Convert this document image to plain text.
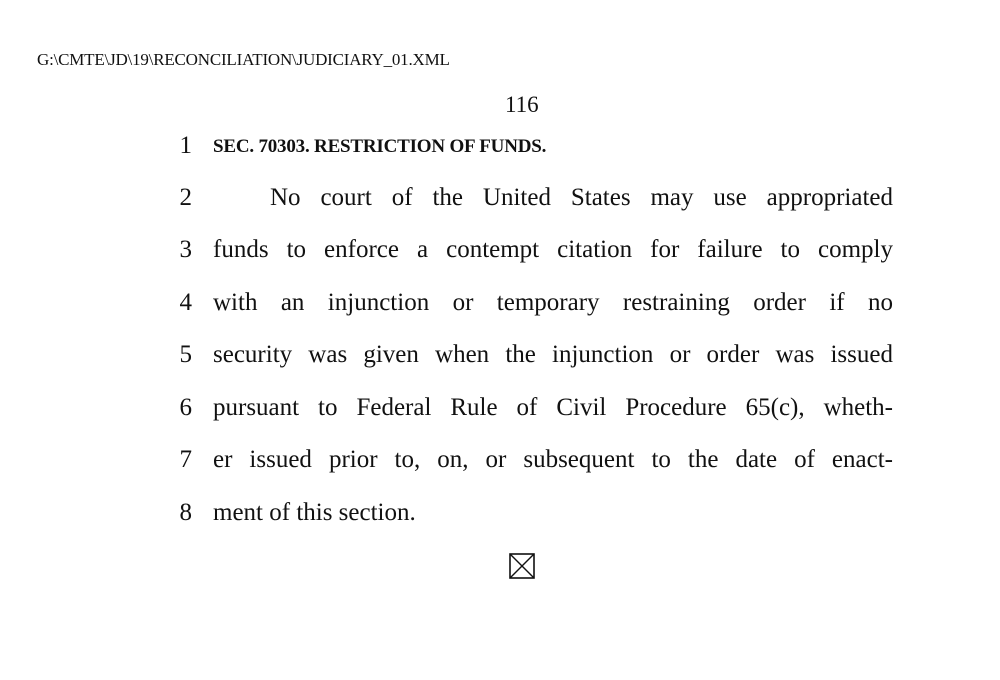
G:\CMTE\JD\19\RECONCILIATION\JUDICIARY_01.XML
116
1 SEC. 70303. RESTRICTION OF FUNDS.
2	No court of the United States may use appropriated
3 funds to enforce a contempt citation for failure to comply
4 with an injunction or temporary restraining order if no
5 security was given when the injunction or order was issued
6 pursuant to Federal Rule of Civil Procedure 65(c), wheth-
7 er issued prior to, on, or subsequent to the date of enact-
8 ment of this section.
